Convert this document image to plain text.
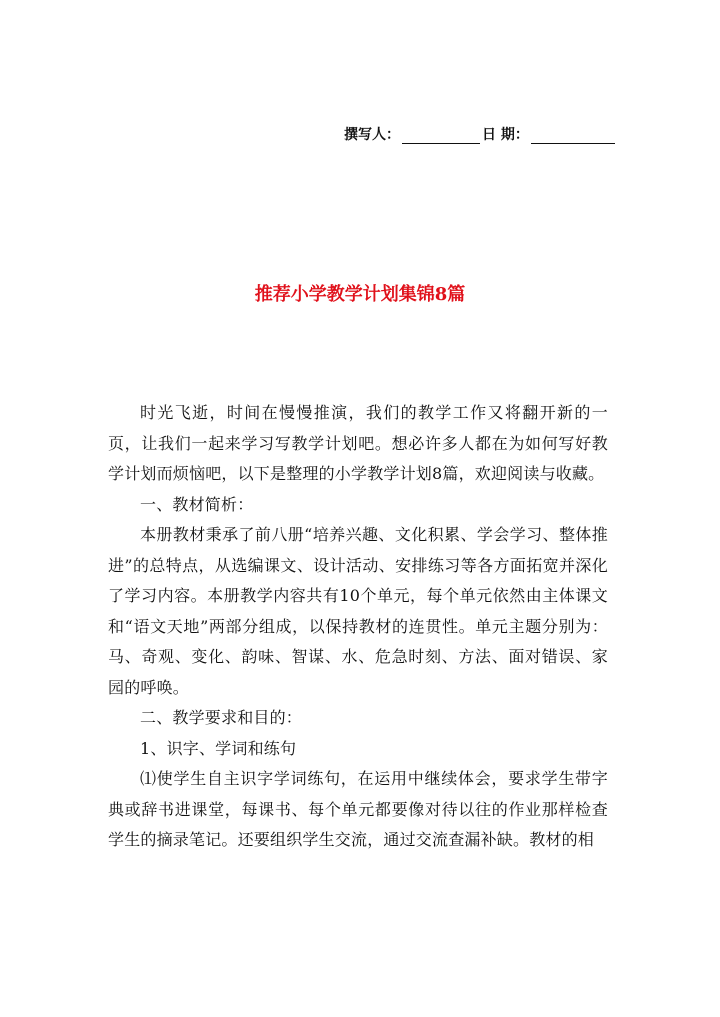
撰写人：	日 期：
推荐小学教学计划集锦8篇

时光飞逝，时间在慢慢推演，我们的教学工作又将翻开新的一页，让我们一起来学习写教学计划吧。想必许多人都在为如何写好教学计划而烦恼吧，以下是整理的小学教学计划8篇，欢迎阅读与收藏。

一、教材简析：

本册教材秉承了前八册“培养兴趣、文化积累、学会学习、整体推进”的总特点，从选编课文、设计活动、安排练习等各方面拓宽并深化了学习内容。本册教学内容共有10个单元，每个单元依然由主体课文和“语文天地”两部分组成，以保持教材的连贯性。单元主题分别为：马、奇观、变化、韵味、智谋、水、危急时刻、方法、面对错误、家园的呼唤。

二、教学要求和目的：

1、识字、学词和练句

⑴使学生自主识字学词练句，在运用中继续体会，要求学生带字典或辞书进课堂，每课书、每个单元都要像对待以往的作业那样检查学生的摘录笔记。还要组织学生交流，通过交流查漏补缺。教材的相
